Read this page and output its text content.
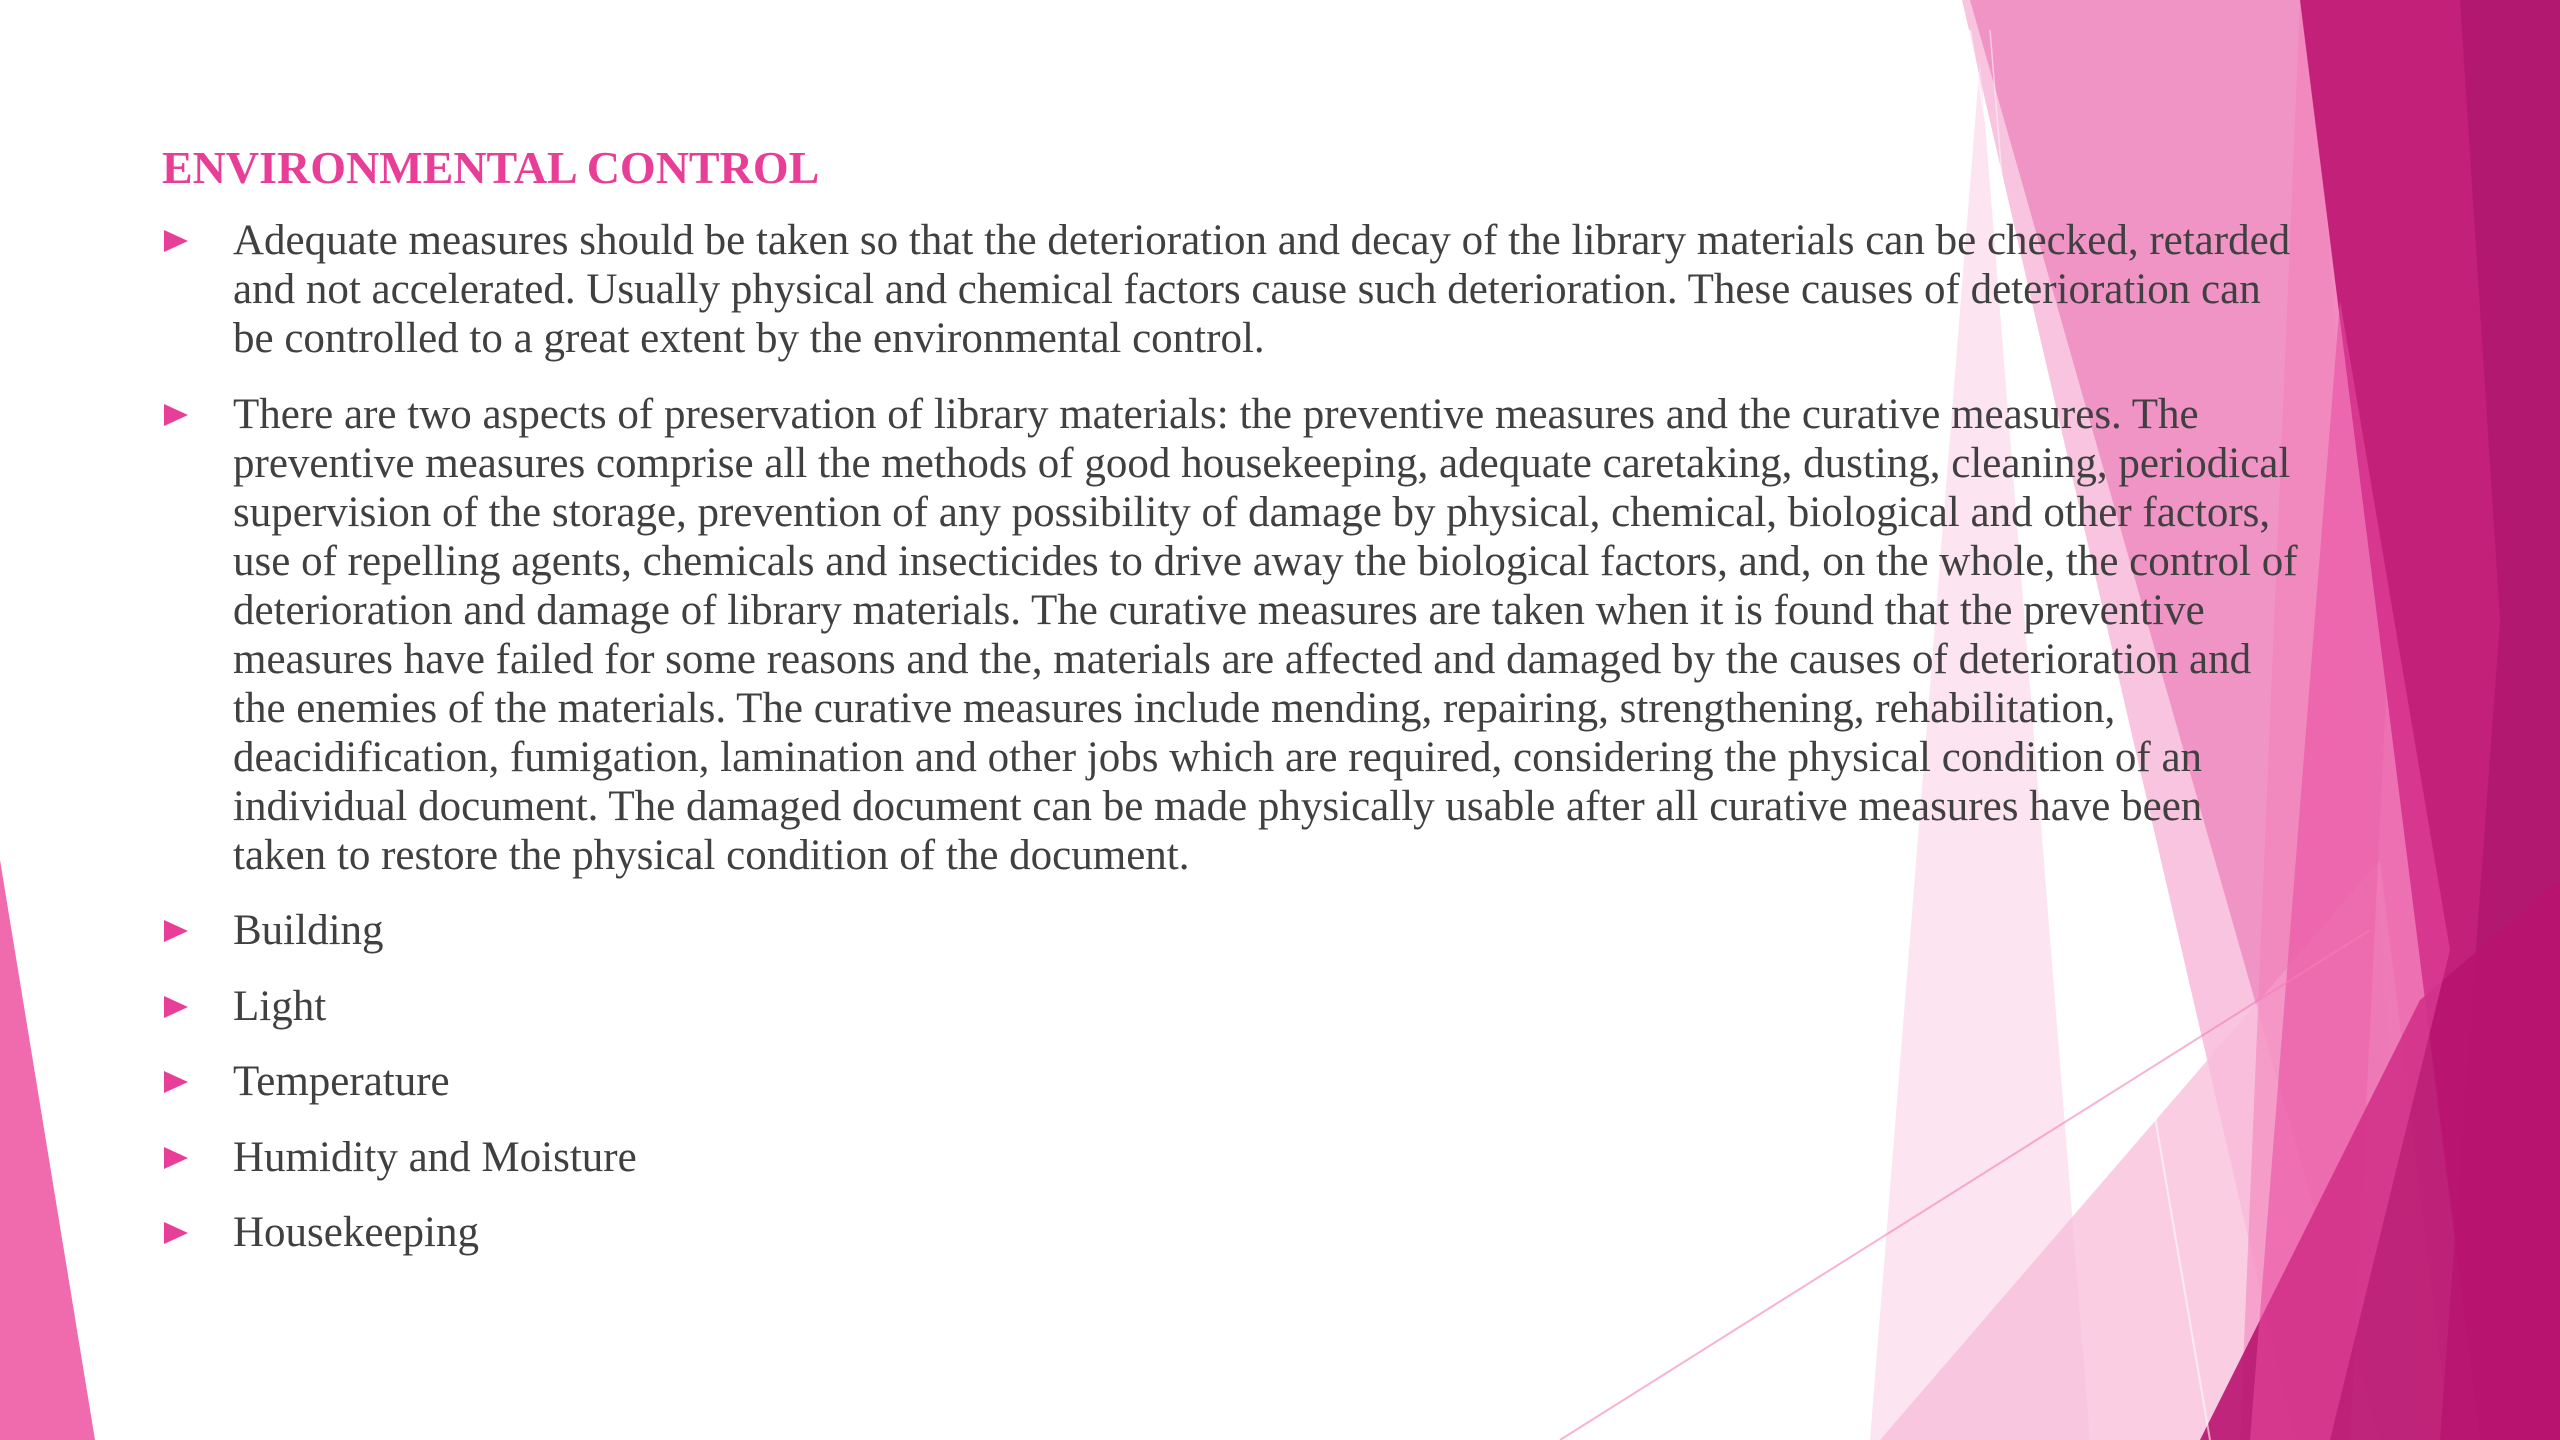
ENVIRONMENTAL CONTROL
Adequate measures should be taken so that the deterioration and decay of the library materials can be checked, retarded and not accelerated. Usually physical and chemical factors cause such deterioration. These causes of deterioration can be controlled to a great extent by the environmental control.
There are two aspects of preservation of library materials: the preventive measures and the curative measures. The preventive measures comprise all the methods of good housekeeping, adequate caretaking, dusting, cleaning, periodical supervision of the storage, prevention of any possibility of damage by physical, chemical, biological and other factors, use of repelling agents, chemicals and insecticides to drive away the biological factors, and, on the whole, the control of deterioration and damage of library materials. The curative measures are taken when it is found that the preventive measures have failed for some reasons and the, materials are affected and damaged by the causes of deterioration and the enemies of the materials. The curative measures include mending, repairing, strengthening, rehabilitation, deacidification, fumigation, lamination and other jobs which are required, considering the physical condition of an individual document. The damaged document can be made physically usable after all curative measures have been taken to restore the physical condition of the document.
Building
Light
Temperature
Humidity and Moisture
Housekeeping
